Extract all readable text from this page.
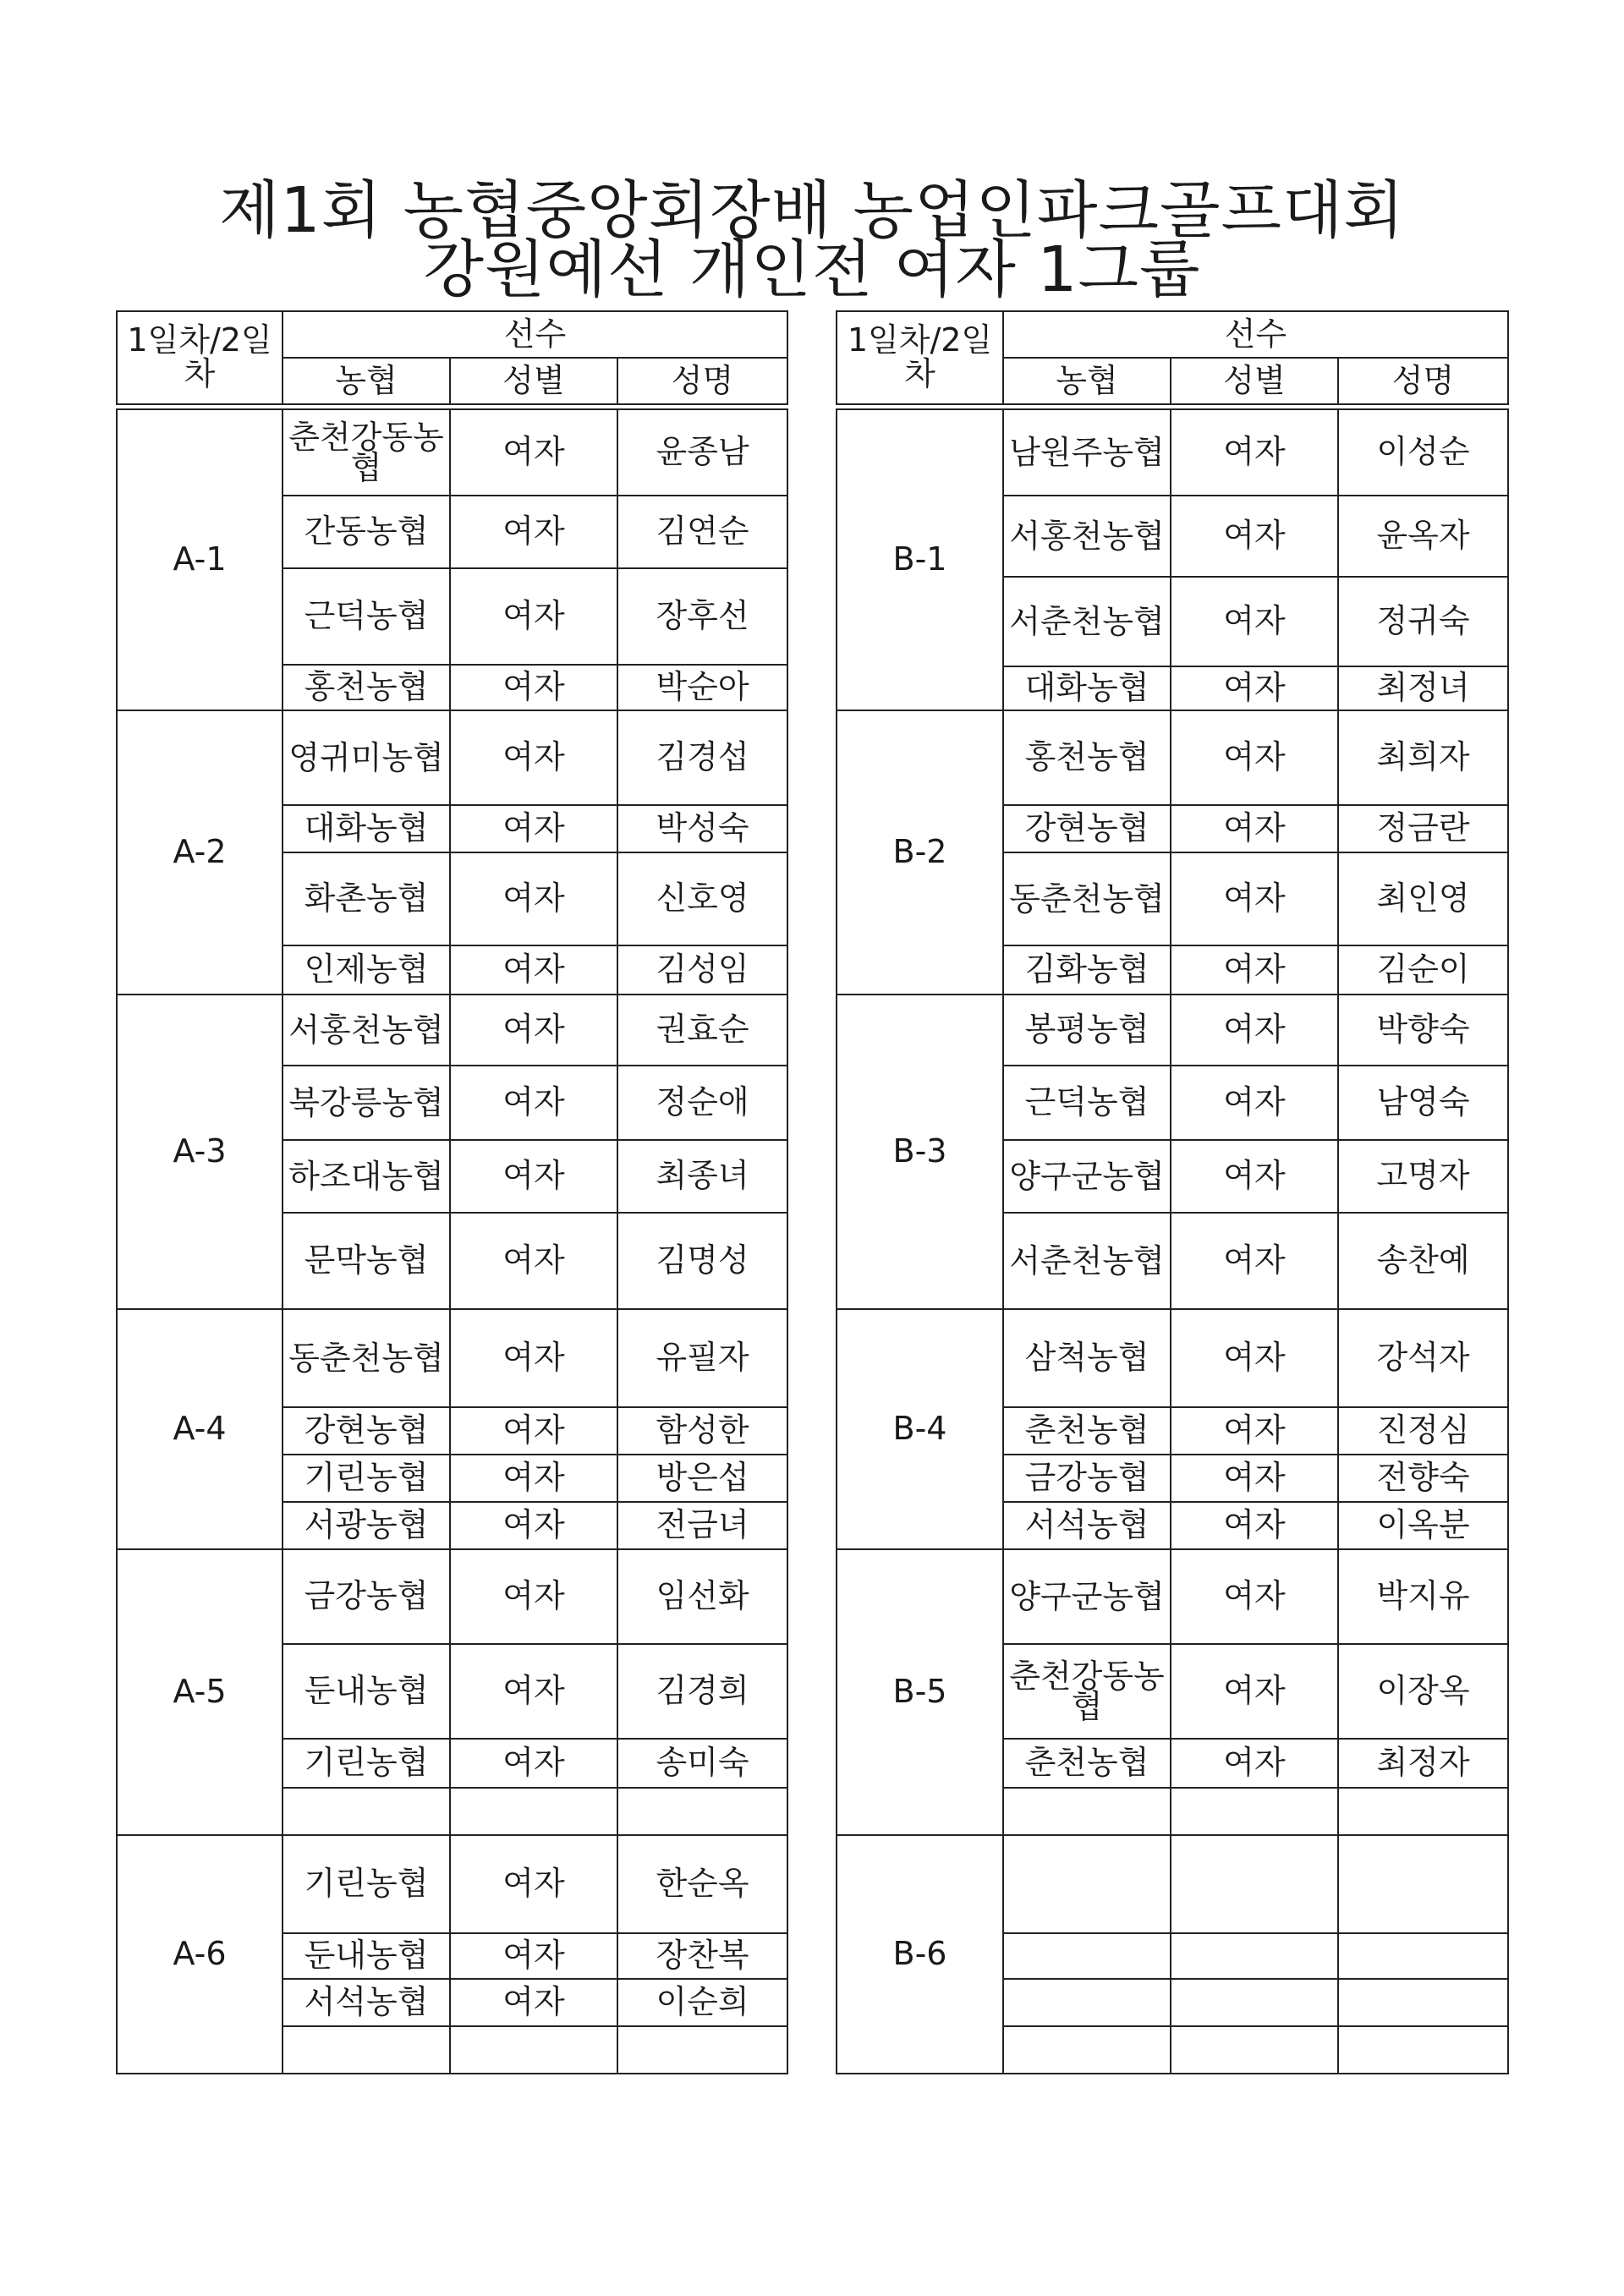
제1회 농협중앙회장배 농업인파크골프대회
강원예선 개인전 여자 1그룹
1일차/2일차	선수		
	농협	성별	성명

A-1	춘천강동농협	여자	윤종남
	간동농협	여자	김연순
	근덕농협	여자	장후선
	홍천농협	여자	박순아
A-2	영귀미농협	여자	김경섭
	대화농협	여자	박성숙
	화촌농협	여자	신호영
	인제농협	여자	김성임
A-3	서홍천농협	여자	권효순
	북강릉농협	여자	정순애
	하조대농협	여자	최종녀
	문막농협	여자	김명성
A-4	동춘천농협	여자	유필자
	강현농협	여자	함성한
	기린농협	여자	방은섭
	서광농협	여자	전금녀
A-5	금강농협	여자	임선화
	둔내농협	여자	김경희
	기린농협	여자	송미숙

A-6	기린농협	여자	한순옥
	둔내농협	여자	장찬복
	서석농협	여자	이순희

1일차/2일차	선수		
	농협	성별	성명

B-1	남원주농협	여자	이성순
	서홍천농협	여자	윤옥자
	서춘천농협	여자	정귀숙
	대화농협	여자	최정녀
B-2	홍천농협	여자	최희자
	강현농협	여자	정금란
	동춘천농협	여자	최인영
	김화농협	여자	김순이
B-3	봉평농협	여자	박향숙
	근덕농협	여자	남영숙
	양구군농협	여자	고명자
	서춘천농협	여자	송찬예
B-4	삼척농협	여자	강석자
	춘천농협	여자	진정심
	금강농협	여자	전향숙
	서석농협	여자	이옥분
B-5	양구군농협	여자	박지유
	춘천강동농협	여자	이장옥
	춘천농협	여자	최정자

B-6			
